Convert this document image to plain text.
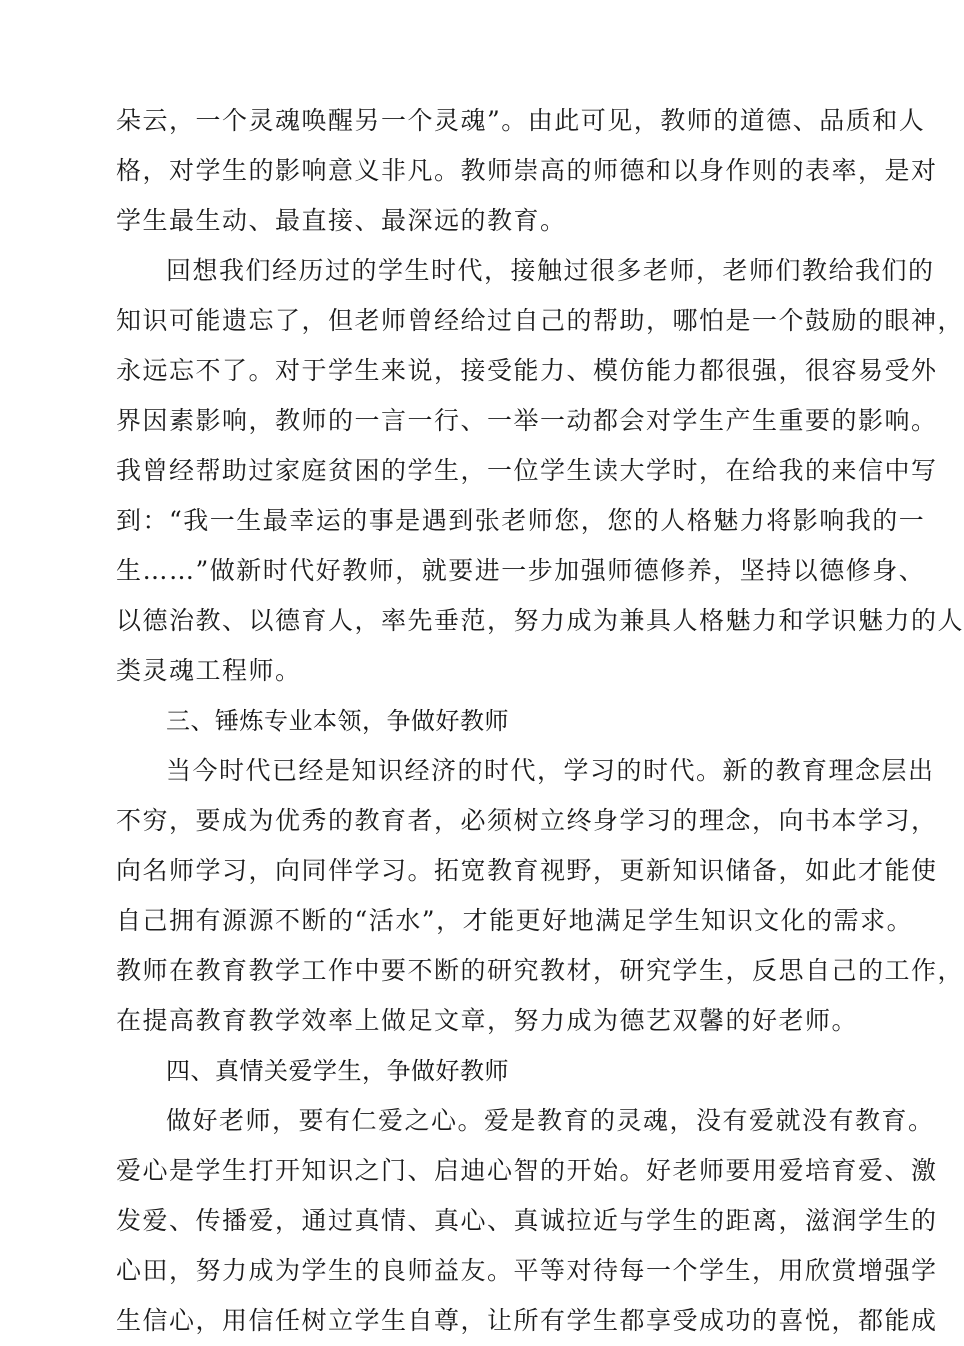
朵云，一个灵魂唤醒另一个灵魂”。由此可见，教师的道德、品质和人
格，对学生的影响意义非凡。教师崇高的师德和以身作则的表率，是对
学生最生动、最直接、最深远的教育。
回想我们经历过的学生时代，接触过很多老师，老师们教给我们的
知识可能遗忘了，但老师曾经给过自己的帮助，哪怕是一个鼓励的眼神，
永远忘不了。对于学生来说，接受能力、模仿能力都很强，很容易受外
界因素影响，教师的一言一行、一举一动都会对学生产生重要的影响。
我曾经帮助过家庭贫困的学生，一位学生读大学时，在给我的来信中写
到：“我一生最幸运的事是遇到张老师您，您的人格魅力将影响我的一
生……”做新时代好教师，就要进一步加强师德修养，坚持以德修身、
以德治教、以德育人，率先垂范，努力成为兼具人格魅力和学识魅力的人
类灵魂工程师。
三、锤炼专业本领，争做好教师
当今时代已经是知识经济的时代，学习的时代。新的教育理念层出
不穷，要成为优秀的教育者，必须树立终身学习的理念，向书本学习，
向名师学习，向同伴学习。拓宽教育视野，更新知识储备，如此才能使
自己拥有源源不断的“活水”，才能更好地满足学生知识文化的需求。
教师在教育教学工作中要不断的研究教材，研究学生，反思自己的工作，
在提高教育教学效率上做足文章，努力成为德艺双馨的好老师。
四、真情关爱学生，争做好教师
做好老师，要有仁爱之心。爱是教育的灵魂，没有爱就没有教育。
爱心是学生打开知识之门、启迪心智的开始。好老师要用爱培育爱、激
发爱、传播爱，通过真情、真心、真诚拉近与学生的距离，滋润学生的
心田，努力成为学生的良师益友。平等对待每一个学生，用欣赏增强学
生信心，用信任树立学生自尊，让所有学生都享受成功的喜悦，都能成
